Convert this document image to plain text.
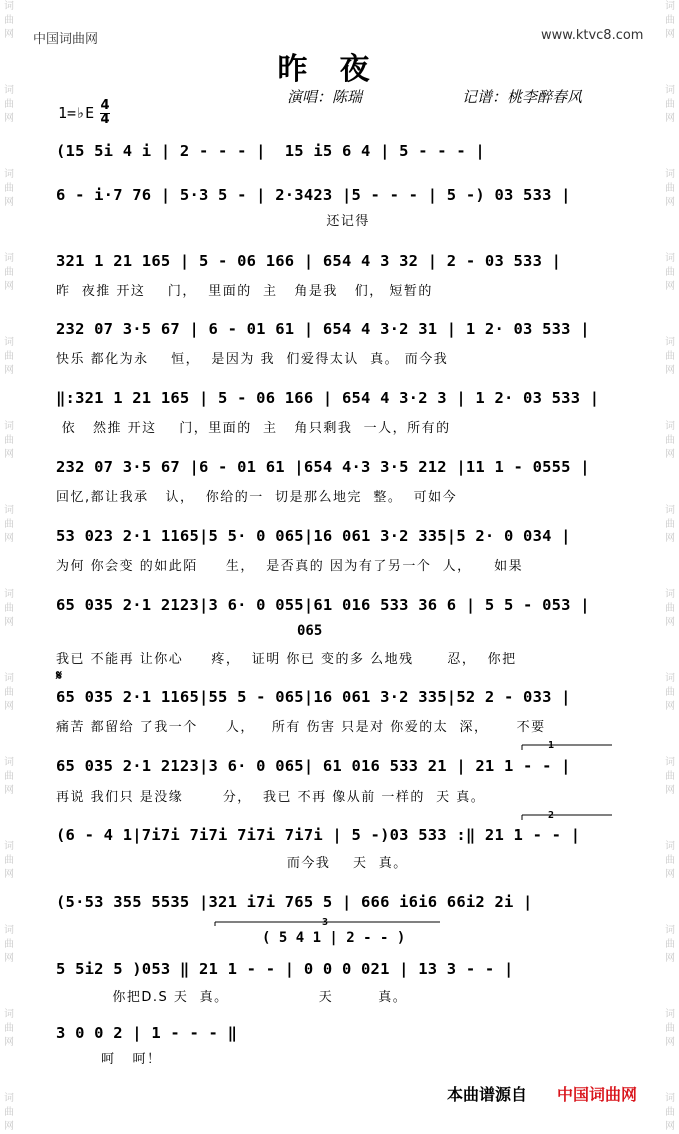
词
曲
网

词
曲
网

词
曲
网

词
曲
网

词
曲
网

词
曲
网

词
曲
网

词
曲
网

词
曲
网

词
曲
网

词
曲
网

词
曲
网

词
曲
网

词
曲
网
词
曲
网

词
曲
网

词
曲
网

词
曲
网

词
曲
网

词
曲
网

词
曲
网

词
曲
网

词
曲
网

词
曲
网

词
曲
网

词
曲
网

词
曲
网

词
曲
网
中国词曲网	www.ktvc8.com
昨夜
演唱：陈瑞	记谱：桃李醉春风
1=♭E 4
4
(15 5i 4 i | 2 - - - |  15 i5 6 4 | 5 - - - |
6 - i·7 76 | 5·3 5 - | 2·3423 |5 - - - | 5 -) 03 533 |
还记得
321 1 21 165 | 5 - 06 166 | 654 4 3 32 | 2 - 03 533 |
昨  夜推 开这    门，  里面的  主   角是我   们， 短暂的
232 07 3·5 67 | 6 - 01 61 | 654 4 3·2 31 | 1 2· 03 533 |
快乐 都化为永    恒，  是因为 我  们爱得太认  真。 而今我
‖:321 1 21 165 | 5 - 06 166 | 654 4 3·2 3 | 1 2· 03 533 |
依   然推 开这    门，里面的  主   角只剩我  一人，所有的
232 07 3·5 67 |6 - 01 61 |654 4·3 3·5 212 |11 1 - 0555 |
回忆,都让我承   认，  你给的一  切是那么地完  整。  可如今
53 023 2·1 1165|5 5· 0 065|16 061 3·2 335|5 2· 0 034 |
为何 你会变 的如此陌     生，  是否真的 因为有了另一个  人，    如果
65 035 2·1 2123|3 6· 0 055|61 016 533 36 6 | 5 5 - 053 |
065
我已 不能再 让你心     疼，  证明 你已 变的多 么地残      忍，  你把
𝄋
65 035 2·1 1165|55 5 - 065|16 061 3·2 335|52 2 - 033 |
痛苦 都留给 了我一个     人，   所有 伤害 只是对 你爱的太  深，     不要
1
65 035 2·1 2123|3 6· 0 065| 61 016 533 21 | 21 1 - - |
再说 我们只 是没缘       分，  我已 不再 像从前 一样的  天 真。
2
(6 - 4 1|7i7i 7i7i 7i7i 7i7i | 5 -)03 533 :‖ 21 1 - - |
而今我    天  真。
(5·53 355 5535 |321 i7i 765 5 | 666 i6i6 66i2 2i |
3
( 5 4 1 | 2 - - )
5 5i2 5 )053 ‖ 21 1 - - | 0 0 0 021 | 13 3 - - |
你把D.S 天  真。                天        真。
3 0 0 2 | 1 - - - ‖
呵   呵！
本曲谱源自 中国词曲网
